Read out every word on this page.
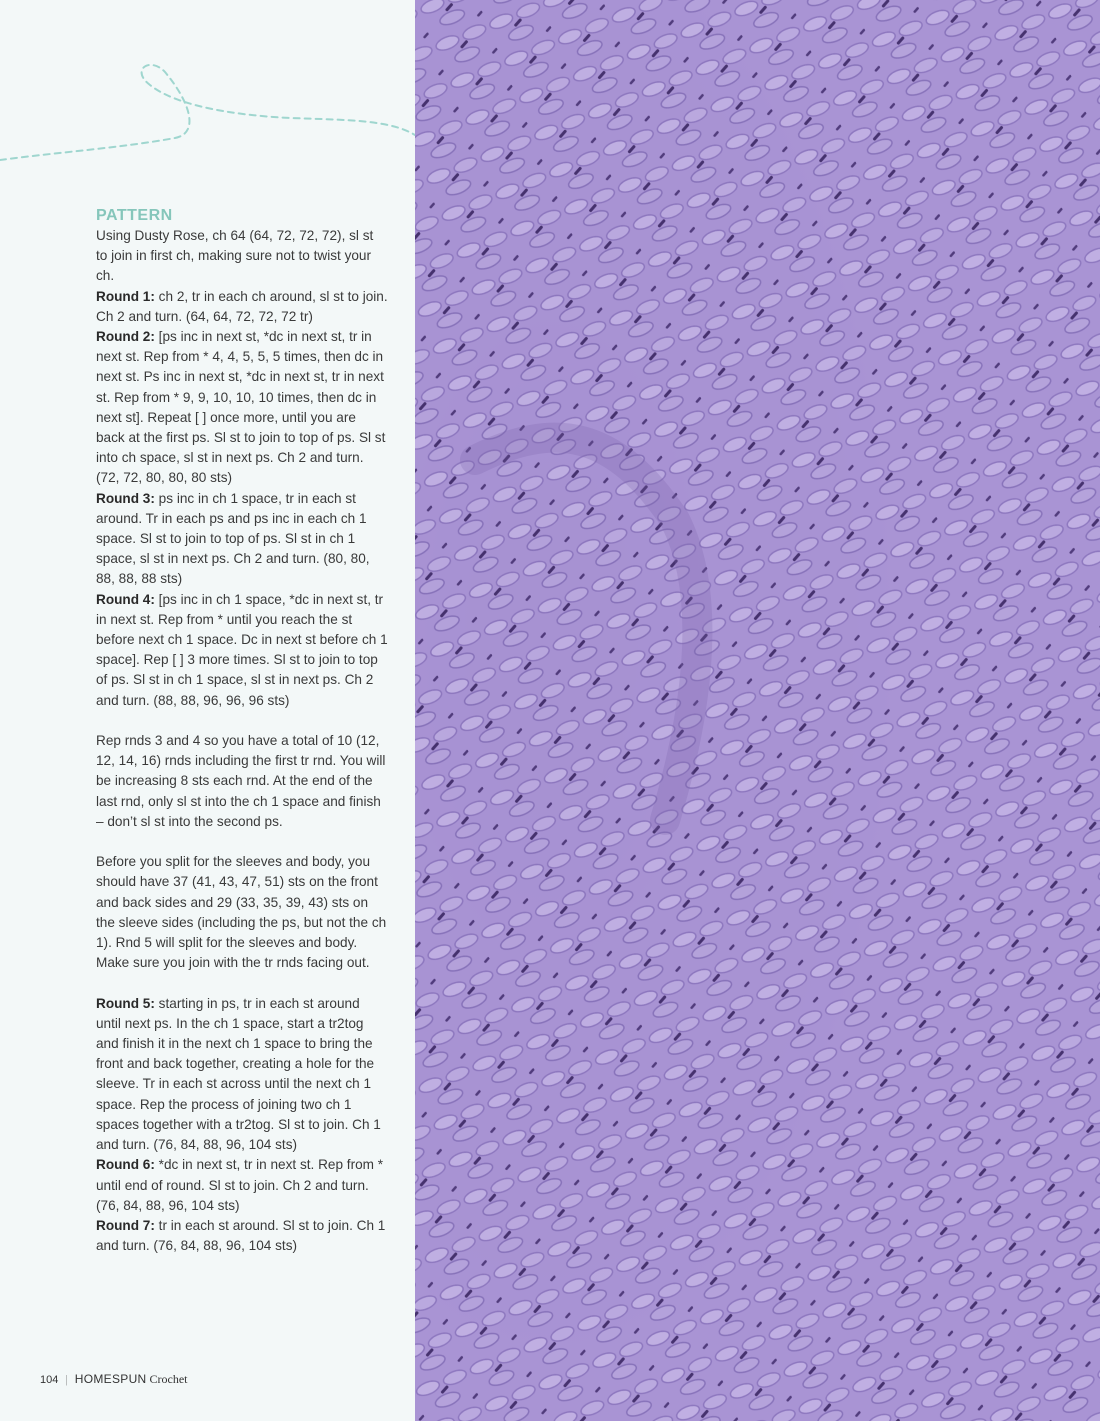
PATTERN

Using Dusty Rose, ch 64 (64, 72, 72, 72), sl st to join in first ch, making sure not to twist your ch.

Round 1: ch 2, tr in each ch around, sl st to join. Ch 2 and turn. (64, 64, 72, 72, 72 tr)

Round 2: [ps inc in next st, *dc in next st, tr in next st. Rep from * 4, 4, 5, 5, 5 times, then dc in next st. Ps inc in next st, *dc in next st, tr in next st. Rep from * 9, 9, 10, 10, 10 times, then dc in next st]. Repeat [ ] once more, until you are back at the first ps. Sl st to join to top of ps. Sl st into ch space, sl st in next ps. Ch 2 and turn. (72, 72, 80, 80, 80 sts)

Round 3: ps inc in ch 1 space, tr in each st around. Tr in each ps and ps inc in each ch 1 space. Sl st to join to top of ps. Sl st in ch 1 space, sl st in next ps. Ch 2 and turn. (80, 80, 88, 88, 88 sts)

Round 4: [ps inc in ch 1 space, *dc in next st, tr in next st. Rep from * until you reach the st before next ch 1 space. Dc in next st before ch 1 space]. Rep [ ] 3 more times. Sl st to join to top of ps. Sl st in ch 1 space, sl st in next ps. Ch 2 and turn. (88, 88, 96, 96, 96 sts)

Rep rnds 3 and 4 so you have a total of 10 (12, 12, 14, 16) rnds including the first tr rnd. You will be increasing 8 sts each rnd. At the end of the last rnd, only sl st into the ch 1 space and finish – don’t sl st into the second ps.

Before you split for the sleeves and body, you should have 37 (41, 43, 47, 51) sts on the front and back sides and 29 (33, 35, 39, 43) sts on the sleeve sides (including the ps, but not the ch 1). Rnd 5 will split for the sleeves and body. Make sure you join with the tr rnds facing out.

Round 5: starting in ps, tr in each st around until next ps. In the ch 1 space, start a tr2tog and finish it in the next ch 1 space to bring the front and back together, creating a hole for the sleeve. Tr in each st across until the next ch 1 space. Rep the process of joining two ch 1 spaces together with a tr2tog. Sl st to join. Ch 1 and turn. (76, 84, 88, 96, 104 sts)

Round 6: *dc in next st, tr in next st. Rep from * until end of round. Sl st to join. Ch 2 and turn. (76, 84, 88, 96, 104 sts)

Round 7: tr in each st around. Sl st to join. Ch 1 and turn. (76, 84, 88, 96, 104 sts)

104 | HOMESPUN Crochet
